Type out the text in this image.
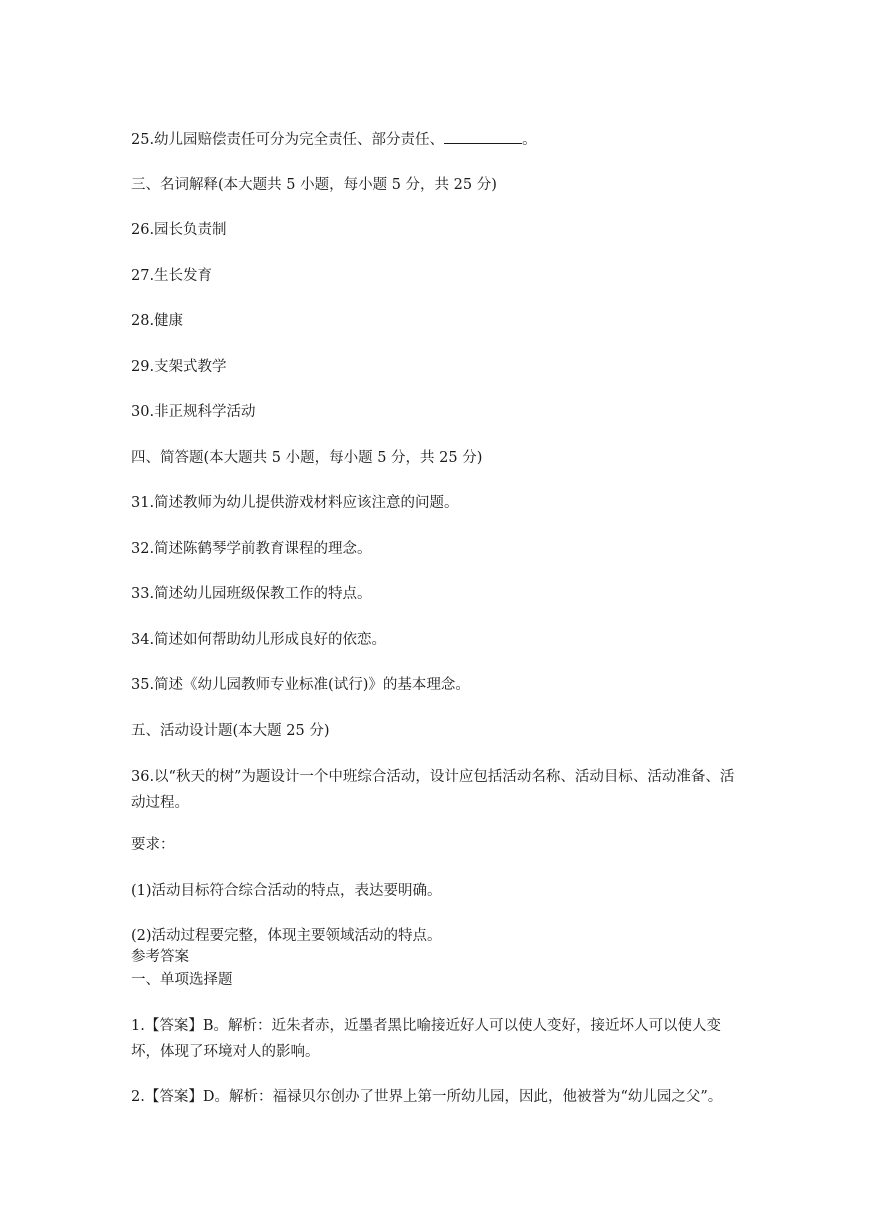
25.幼儿园赔偿责任可分为完全责任、部分责任、	。
三、名词解释(本大题共 5 小题，每小题 5 分，共 25 分)
26.园长负责制
27.生长发育
28.健康
29.支架式教学
30.非正规科学活动
四、简答题(本大题共 5 小题，每小题 5 分，共 25 分)
31.简述教师为幼儿提供游戏材料应该注意的问题。
32.简述陈鹤琴学前教育课程的理念。
33.简述幼儿园班级保教工作的特点。
34.简述如何帮助幼儿形成良好的依恋。
35.简述《幼儿园教师专业标准(试行)》的基本理念。
五、活动设计题(本大题 25 分)
36.以“秋天的树”为题设计一个中班综合活动，设计应包括活动名称、活动目标、活动准备、活动过程。
要求：
(1)活动目标符合综合活动的特点，表达要明确。
(2)活动过程要完整，体现主要领域活动的特点。
参考答案
一、单项选择题
1.【答案】B。解析：近朱者赤，近墨者黑比喻接近好人可以使人变好，接近坏人可以使人变坏，体现了环境对人的影响。
2.【答案】D。解析：福禄贝尔创办了世界上第一所幼儿园，因此，他被誉为“幼儿园之父”。
